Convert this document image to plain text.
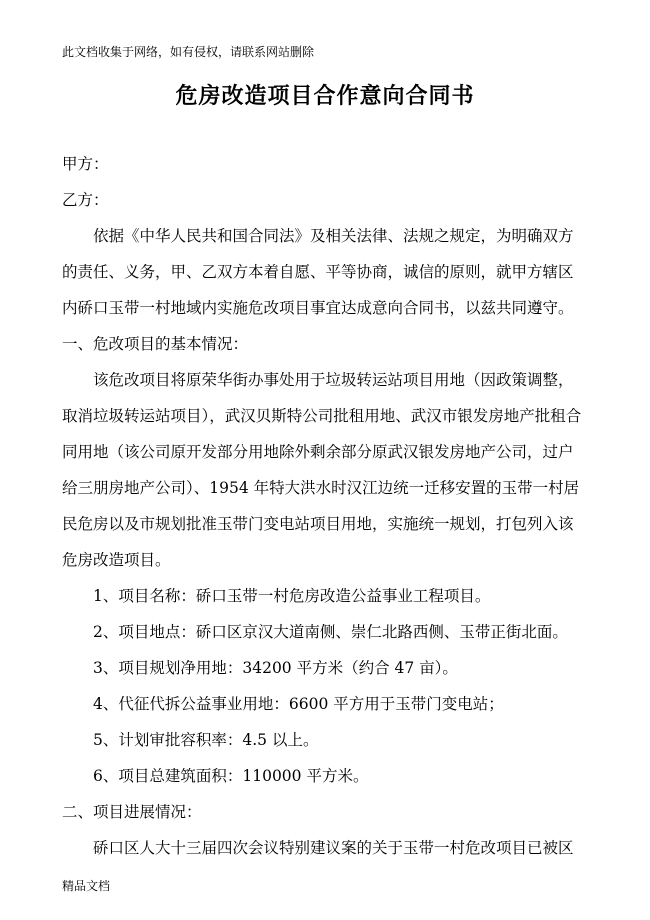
此文档收集于网络，如有侵权，请联系网站删除
危房改造项目合作意向合同书
甲方：
乙方：
依据《中华人民共和国合同法》及相关法律、法规之规定，为明确双方
的责任、义务，甲、乙双方本着自愿、平等协商，诚信的原则，就甲方辖区
内硚口玉带一村地域内实施危改项目事宜达成意向合同书，以兹共同遵守。
一、危改项目的基本情况：
该危改项目将原荣华街办事处用于垃圾转运站项目用地（因政策调整，
取消垃圾转运站项目），武汉贝斯特公司批租用地、武汉市银发房地产批租合
同用地（该公司原开发部分用地除外剩余部分原武汉银发房地产公司，过户
给三朋房地产公司）、1954 年特大洪水时汉江边统一迁移安置的玉带一村居
民危房以及市规划批准玉带门变电站项目用地，实施统一规划，打包列入该
危房改造项目。
1、项目名称：硚口玉带一村危房改造公益事业工程项目。
2、项目地点：硚口区京汉大道南侧、崇仁北路西侧、玉带正街北面。
3、项目规划净用地：34200 平方米（约合 47 亩）。
4、代征代拆公益事业用地：6600 平方用于玉带门变电站；
5、计划审批容积率：4.5 以上。
6、项目总建筑面积：110000 平方米。
二、项目进展情况：
硚口区人大十三届四次会议特别建议案的关于玉带一村危改项目已被区
精品文档
